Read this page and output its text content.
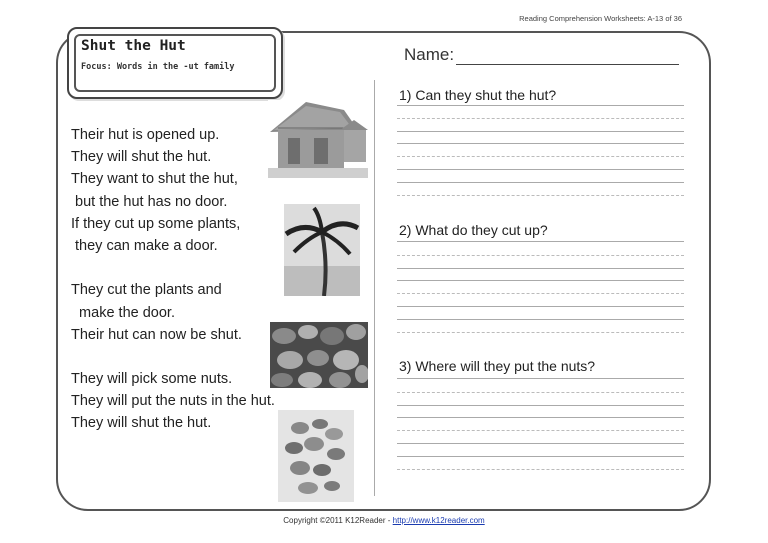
Reading Comprehension Worksheets: A-13 of 36
Shut the Hut
Focus: Words in the -ut family
Name:
Their hut is opened up.
They will shut the hut.
They want to shut the hut,
but the hut has no door.
If they cut up some plants,
they can make a door.
They cut the plants and
make the door.
Their hut can now be shut.
They will pick some nuts.
They will put the nuts in the hut.
They will shut the hut.
1) Can they shut the hut?
2) What do they cut up?
3) Where will they put the nuts?
Copyright ©2011 K12Reader - http://www.k12reader.com
